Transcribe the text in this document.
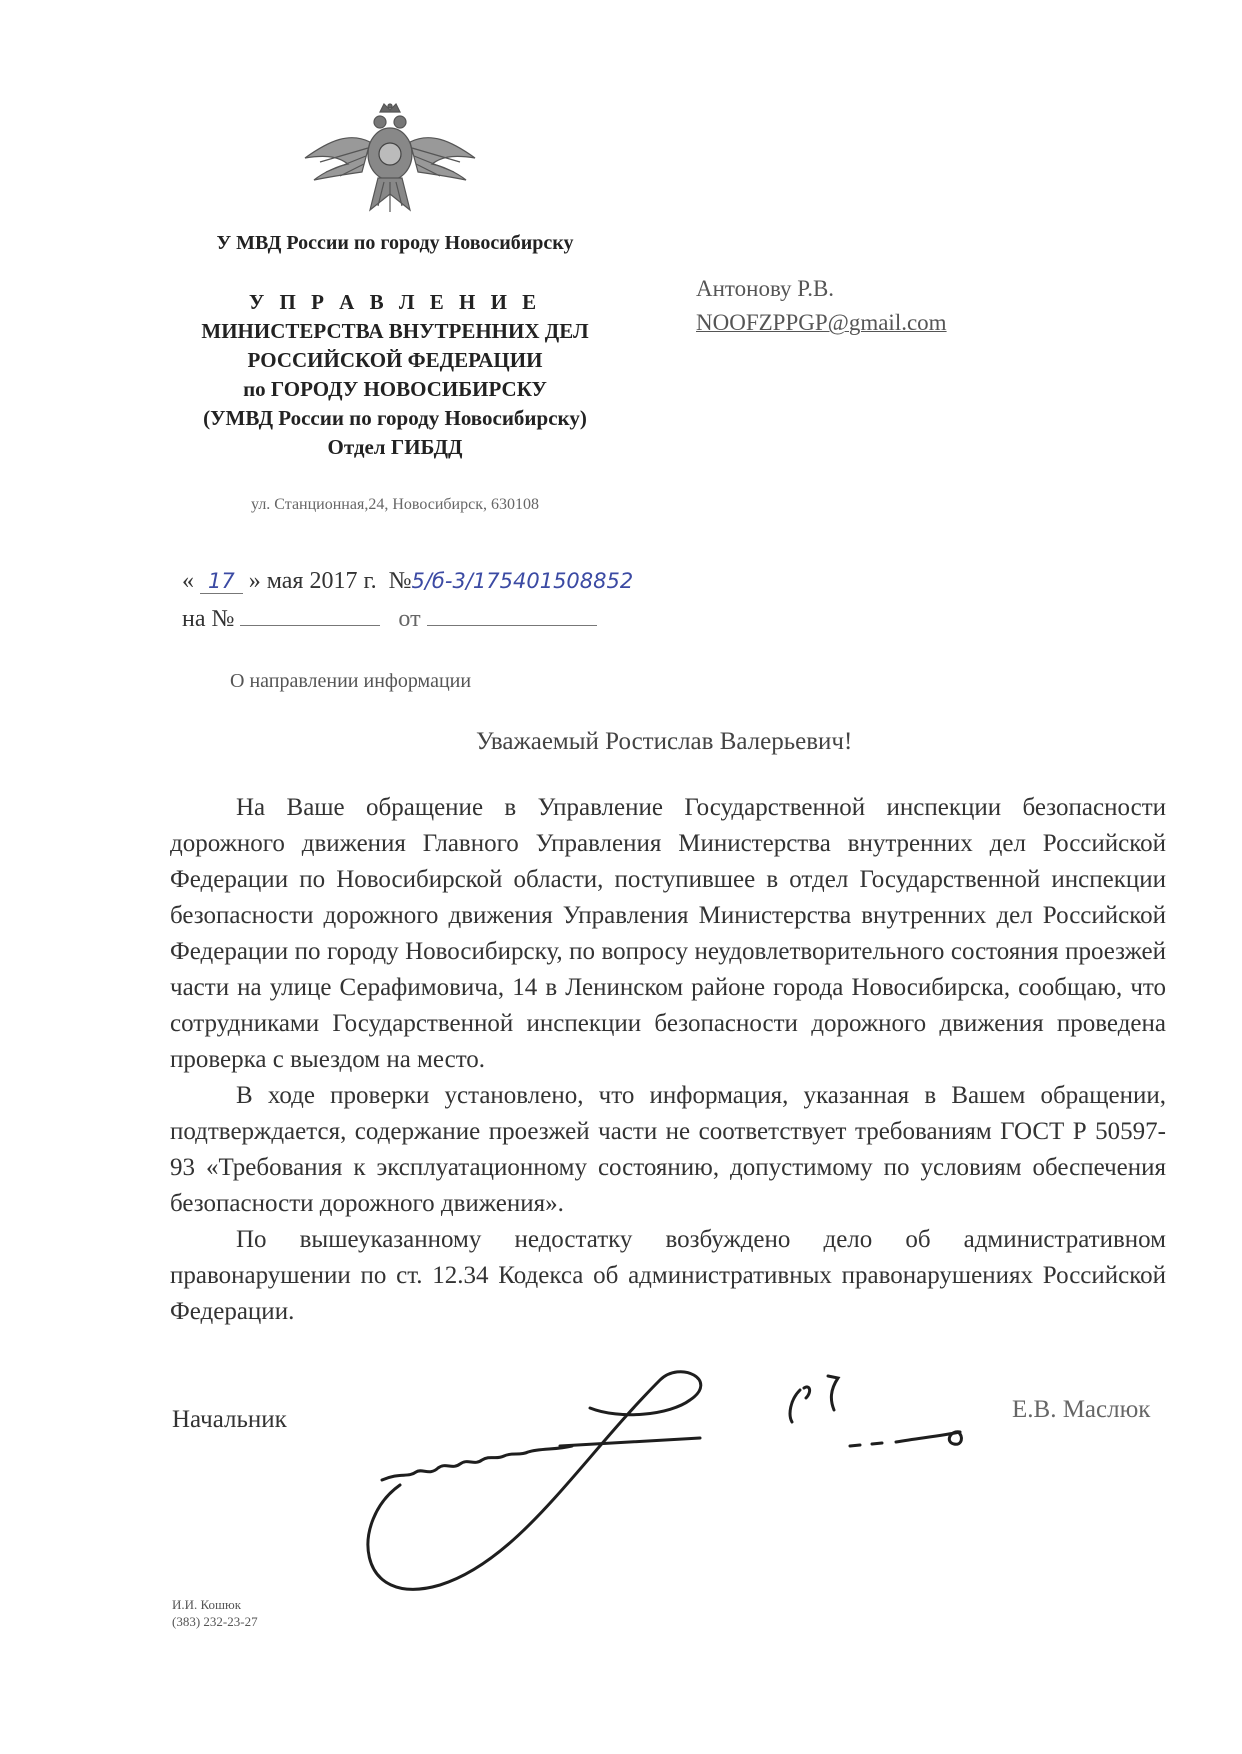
У МВД России по городу Новосибирску
У П Р А В Л Е Н И Е
МИНИСТЕРСТВА ВНУТРЕННИХ ДЕЛ
РОССИЙСКОЙ ФЕДЕРАЦИИ
по ГОРОДУ НОВОСИБИРСКУ
(УМВД России по городу Новосибирску)
Отдел ГИБДД
ул. Станционная,24, Новосибирск, 630108
Антонову Р.В.
NOOFZPPGP@gmail.com
« 17 » мая 2017 г. №5/б-3/175401508852
на №	от
О направлении информации
Уважаемый Ростислав Валерьевич!

На Ваше обращение в Управление Государственной инспекции безопасности дорожного движения Главного Управления Министерства внутренних дел Российской Федерации по Новосибирской области, поступившее в отдел Государственной инспекции безопасности дорожного движения Управления Министерства внутренних дел Российской Федерации по городу Новосибирску, по вопросу неудовлетворительного состояния проезжей части на улице Серафимовича, 14 в Ленинском районе города Новосибирска, сообщаю, что сотрудниками Государственной инспекции безопасности дорожного движения проведена проверка с выездом на место.

В ходе проверки установлено, что информация, указанная в Вашем обращении, подтверждается, содержание проезжей части не соответствует требованиям ГОСТ Р 50597-93 «Требования к эксплуатационному состоянию, допустимому по условиям обеспечения безопасности дорожного движения».

По вышеуказанному недостатку возбуждено дело об административном правонарушении по ст. 12.34 Кодекса об административных правонарушениях Российской Федерации.

Начальник	Е.В. Маслюк
И.И. Кошюк
(383) 232-23-27
